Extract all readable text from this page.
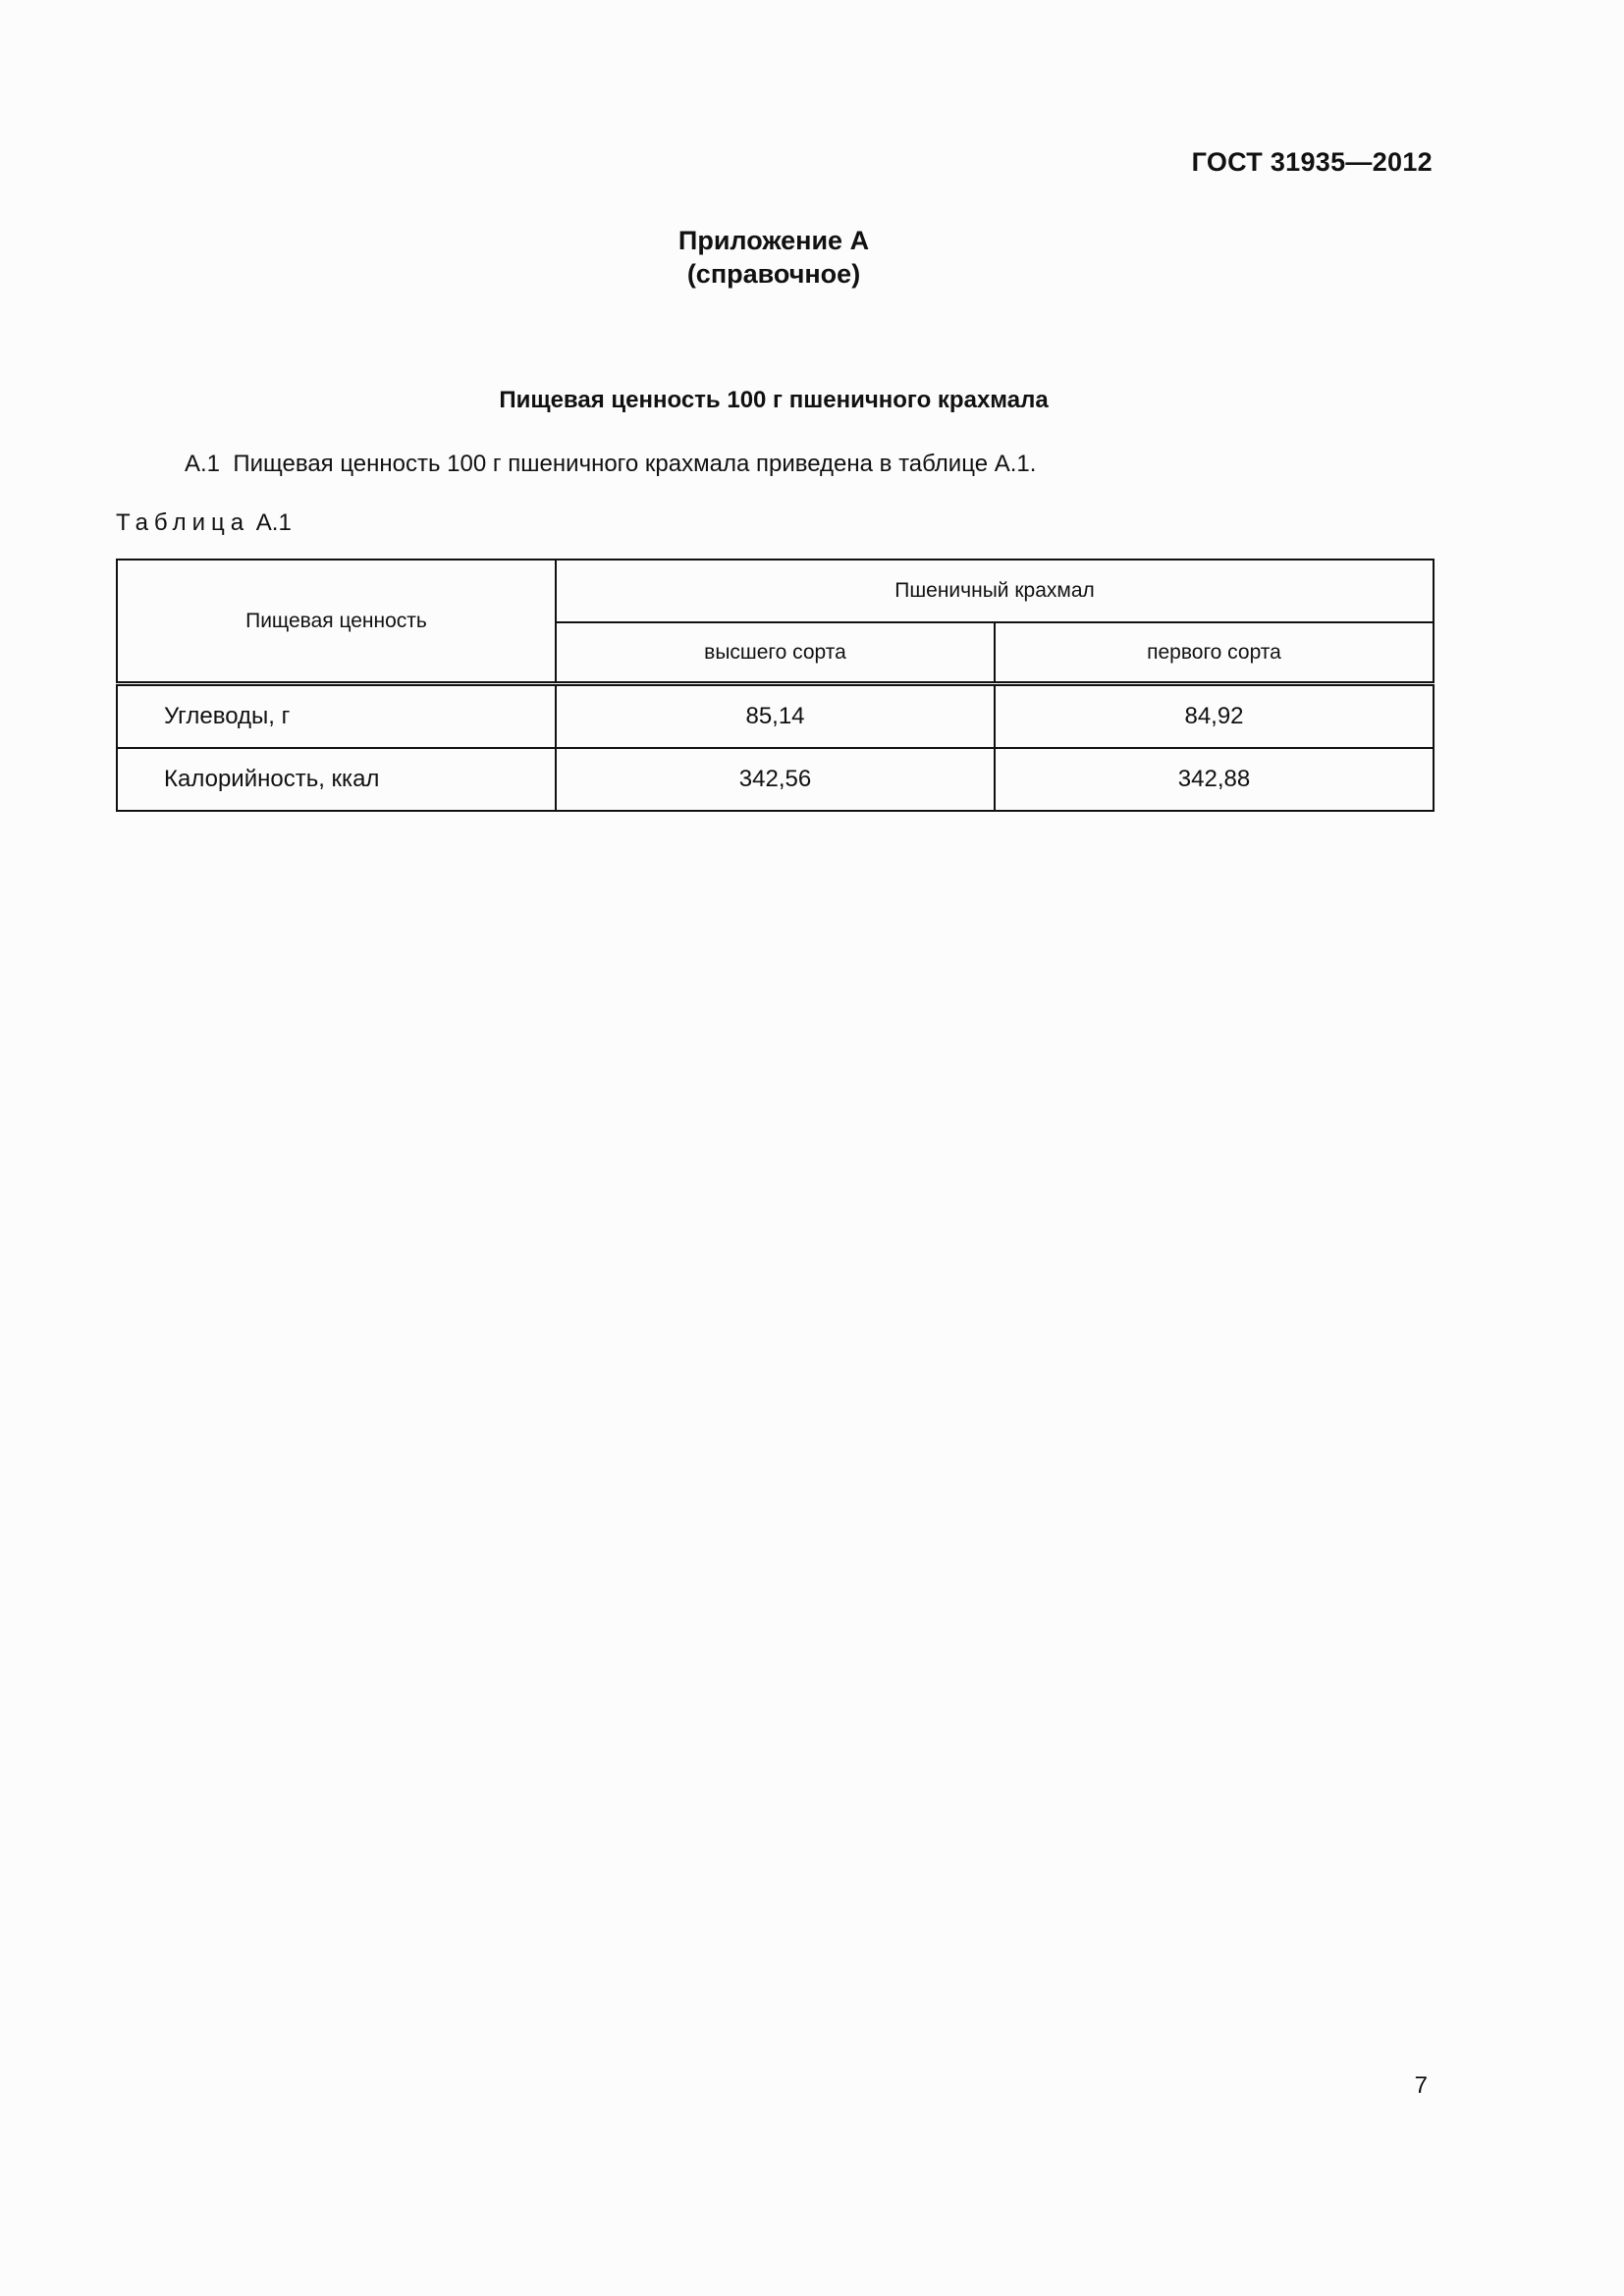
ГОСТ 31935—2012
Приложение А
(справочное)
Пищевая ценность 100 г пшеничного крахмала
А.1  Пищевая ценность 100 г пшеничного крахмала приведена в таблице А.1.
Таблица А.1
Пищевая ценность	Пшеничный крахмал	
	высшего сорта	первого сорта
Углеводы, г	85,14	84,92
Калорийность, ккал	342,56	342,88
7
